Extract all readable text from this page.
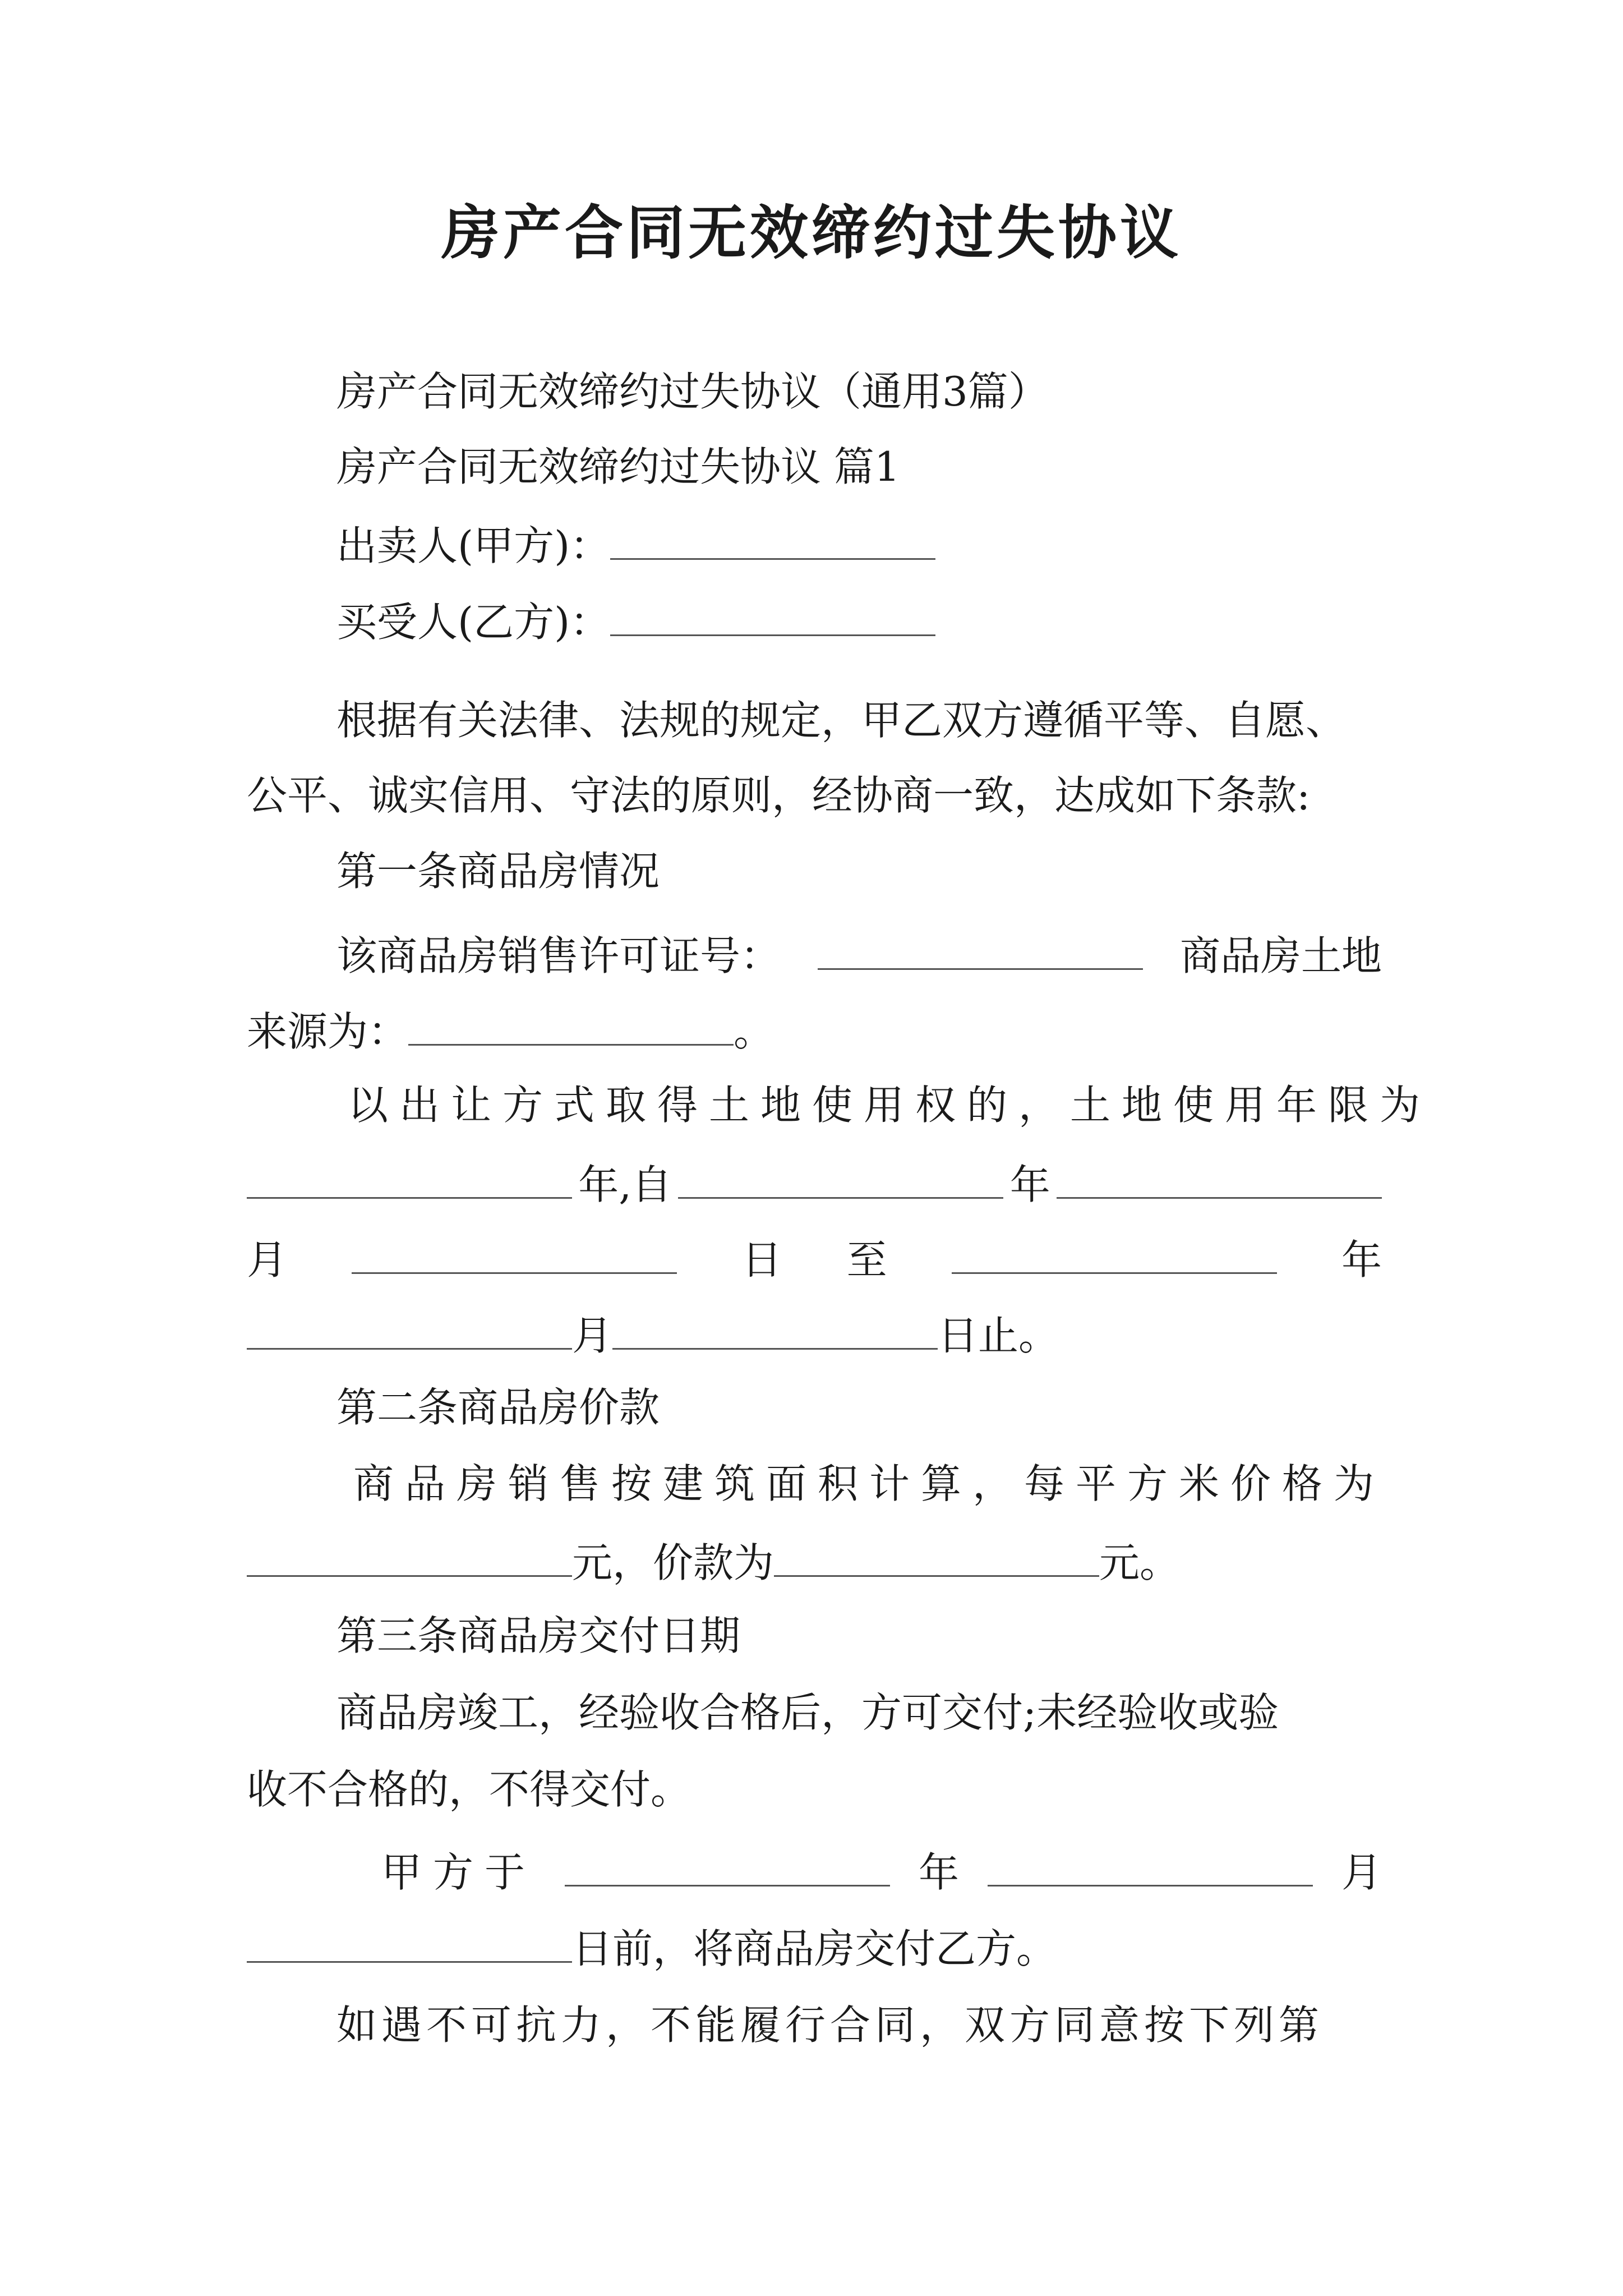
房产合同无效缔约过失协议
房产合同无效缔约过失协议（通用3篇）
房产合同无效缔约过失协议 篇1
出卖人(甲方)：
买受人(乙方)：
根据有关法律、法规的规定，甲乙双方遵循平等、自愿、
公平、诚实信用、守法的原则，经协商一致，达成如下条款:
第一条商品房情况
该商品房销售许可证号：	商品房土地
来源为：	。
以出让方式取得土地使用权的，土地使用年限为
年,自	年
月	日 至	年
月	日止。
第二条商品房价款
商品房销售按建筑面积计算，每平方米价格为
元，价款为	元。
第三条商品房交付日期
商品房竣工，经验收合格后，方可交付;未经验收或验
收不合格的，不得交付。
甲方于	年	月
日前，将商品房交付乙方。
如遇不可抗力，不能履行合同，双方同意按下列第
